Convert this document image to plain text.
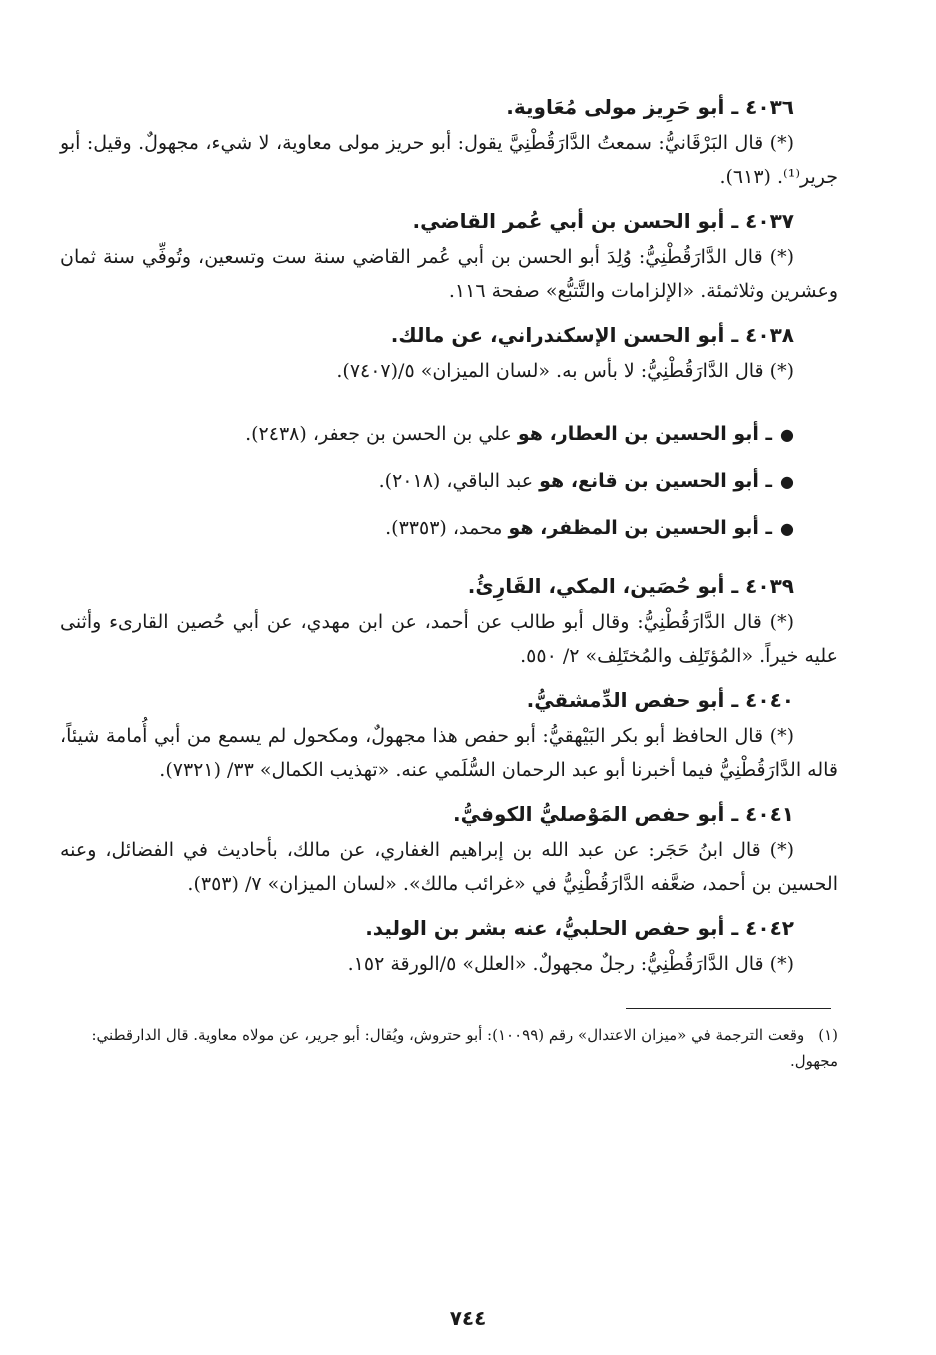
٤٠٣٦ ـ أبو حَرِيز مولى مُعَاوية.

(*) قال البَرْقَانيُّ: سمعتُ الدَّارَقُطْنِيَّ يقول: أبو حريز مولى معاوية، لا شيء، مجهولٌ. وقيل: أبو جرير⁽¹⁾. (٦١٣).

٤٠٣٧ ـ أبو الحسن بن أبي عُمر القاضي.

(*) قال الدَّارَقُطْنِيُّ: وُلِدَ أبو الحسن بن أبي عُمر القاضي سنة ست وتسعين، وتُوفِّي سنة ثمان وعشرين وثلاثمئة. «الإلزامات والتَّتبُّع» صفحة ١١٦.

٤٠٣٨ ـ أبو الحسن الإسكندراني، عن مالك.

(*) قال الدَّارَقُطْنِيُّ: لا بأس به. «لسان الميزان» ٥/(٧٤٠٧).

●ـ أبو الحسين بن العطار، هو علي بن الحسن بن جعفر، (٢٤٣٨).

●ـ أبو الحسين بن قانع، هو عبد الباقي، (٢٠١٨).

●ـ أبو الحسين بن المظفر، هو محمد، (٣٣٥٣).

٤٠٣٩ ـ أبو حُصَين، المكي، القَارِئُ.

(*) قال الدَّارَقُطْنِيُّ: وقال أبو طالب عن أحمد، عن ابن مهدي، عن أبي حُصين القارىء وأثنى عليه خيراً. «المُؤتَلِف والمُختَلِف» ٢/ ٥٥٠.

٤٠٤٠ ـ أبو حفص الدِّمشقيُّ.

(*) قال الحافظ أبو بكر البَيْهقيُّ: أبو حفص هذا مجهولٌ، ومكحول لم يسمع من أبي أُمامة شيئاً، قاله الدَّارَقُطْنِيُّ فيما أخبرنا أبو عبد الرحمان السُّلَمي عنه. «تهذيب الكمال» ٣٣/ (٧٣٢١).

٤٠٤١ ـ أبو حفص المَوْصليُّ الكوفيُّ.

(*) قال ابنُ حَجَر: عن عبد الله بن إبراهيم الغفاري، عن مالك، بأحاديث في الفضائل، وعنه الحسين بن أحمد، ضعَّفه الدَّارَقُطْنِيُّ في «غرائب مالك». «لسان الميزان» ٧/ (٣٥٣).

٤٠٤٢ ـ أبو حفص الحلبيُّ، عنه بشر بن الوليد.

(*) قال الدَّارَقُطْنِيُّ: رجلٌ مجهولٌ. «العلل» ٥/الورقة ١٥٢.

(١)وقعت الترجمة في «ميزان الاعتدال» رقم (١٠٠٩٩): أبو حتروش، ويُقال: أبو جرير، عن مولاه معاوية. قال الدارقطني: مجهول.
٧٤٤
